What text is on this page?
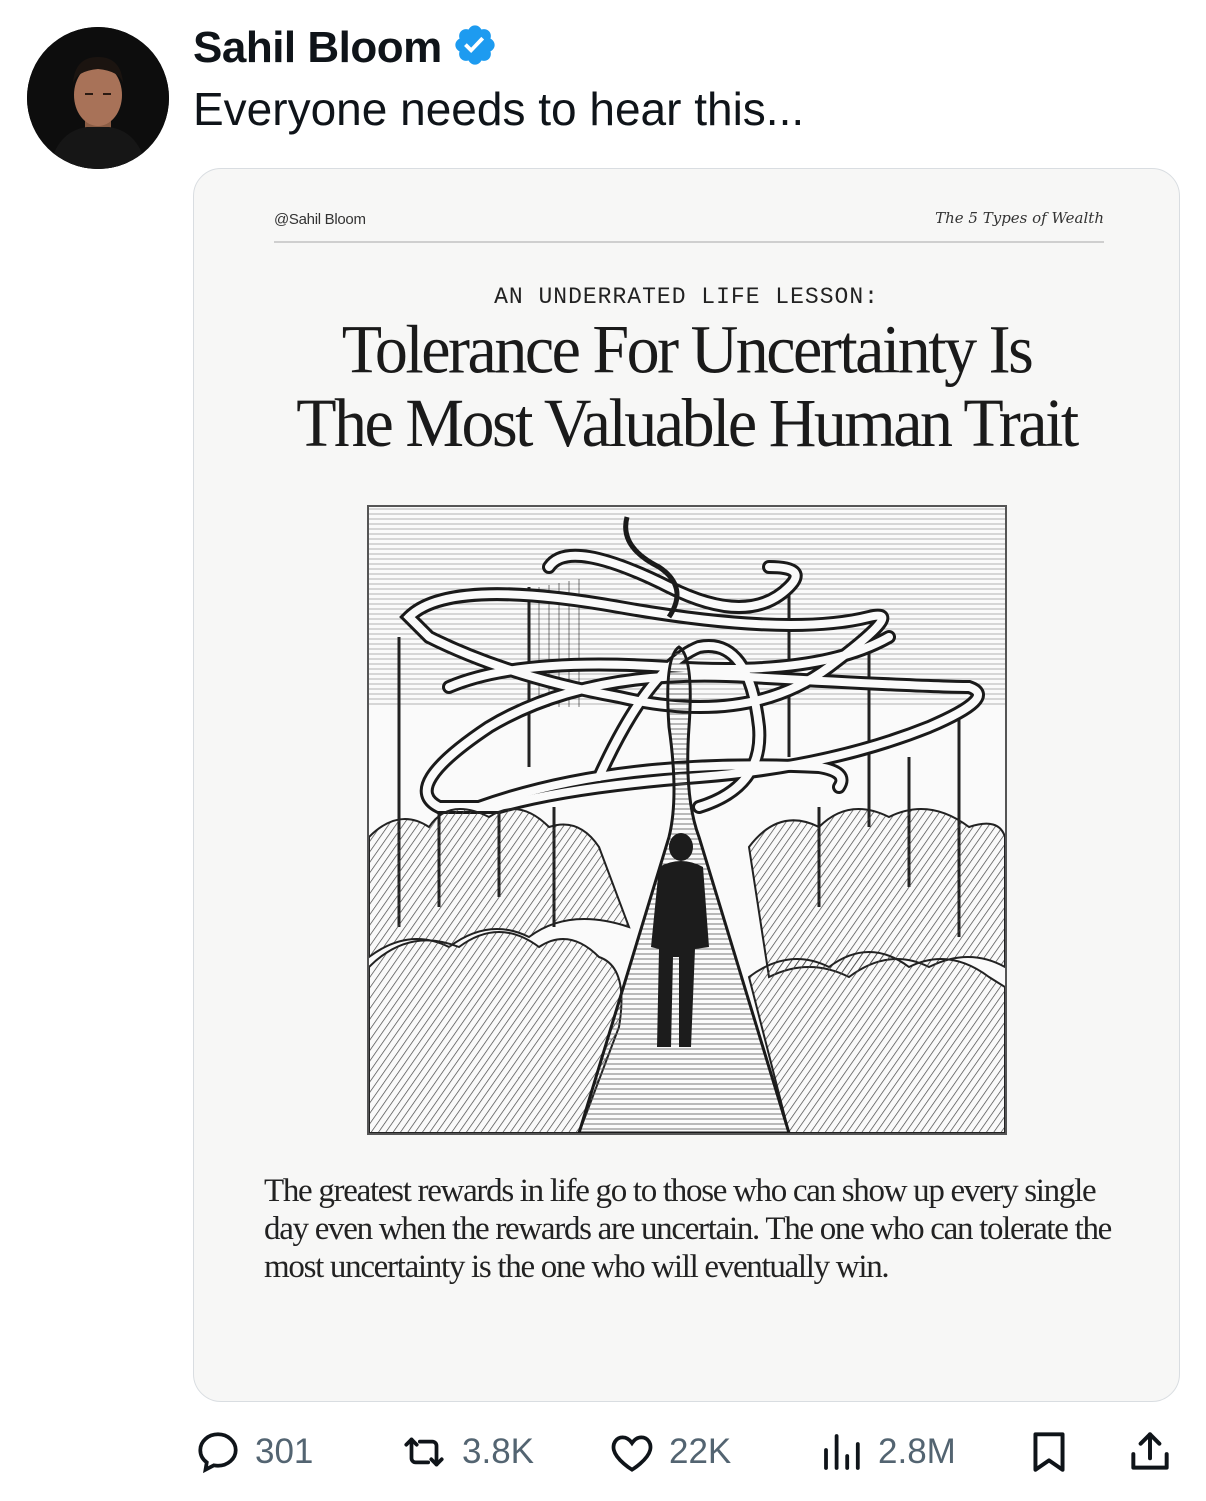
Sahil Bloom
Everyone needs to hear this...
@Sahil Bloom	The 5 Types of Wealth
AN UNDERRATED LIFE LESSON:
Tolerance For Uncertainty Is
The Most Valuable Human Trait
The greatest rewards in life go to those who can show up every single day even when the rewards are uncertain. The one who can tolerate the most uncertainty is the one who will eventually win.
301	3.8K	22K	2.8M
